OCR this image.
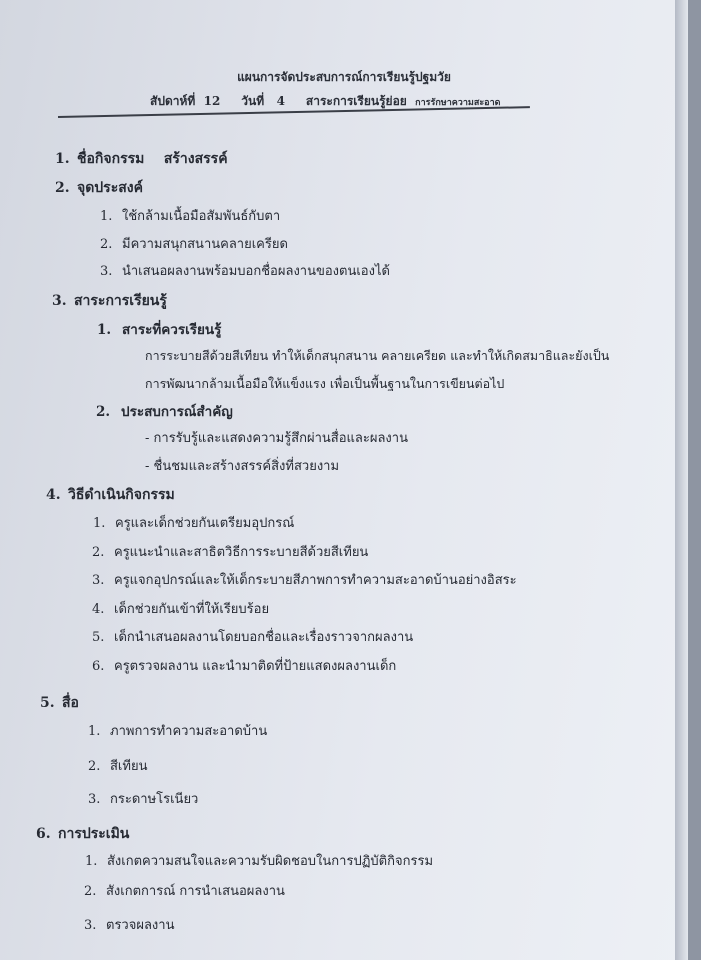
แผนการจัดประสบการณ์การเรียนรู้ปฐมวัย
สัปดาห์ที่ 12 วันที่ 4 สาระการเรียนรู้ย่อย การรักษาความสะอาด
1. ชื่อกิจกรรม สร้างสรรค์
2. จุดประสงค์
1. ใช้กล้ามเนื้อมือสัมพันธ์กับตา
2. มีความสนุกสนานคลายเครียด
3. นำเสนอผลงานพร้อมบอกชื่อผลงานของตนเองได้
3. สาระการเรียนรู้
1. สาระที่ควรเรียนรู้
การระบายสีด้วยสีเทียน ทำให้เด็กสนุกสนาน คลายเครียด และทำให้เกิดสมาธิและยังเป็น
การพัฒนากล้ามเนื้อมือให้แข็งแรง เพื่อเป็นพื้นฐานในการเขียนต่อไป
2. ประสบการณ์สำคัญ
- การรับรู้และแสดงความรู้สึกผ่านสื่อและผลงาน
- ชื่นชมและสร้างสรรค์สิ่งที่สวยงาม
4. วิธีดำเนินกิจกรรม
1. ครูและเด็กช่วยกันเตรียมอุปกรณ์
2. ครูแนะนำและสาธิตวิธีการระบายสีด้วยสีเทียน
3. ครูแจกอุปกรณ์และให้เด็กระบายสีภาพการทำความสะอาดบ้านอย่างอิสระ
4. เด็กช่วยกันเข้าที่ให้เรียบร้อย
5. เด็กนำเสนอผลงานโดยบอกชื่อและเรื่องราวจากผลงาน
6. ครูตรวจผลงาน และนำมาติดที่ป้ายแสดงผลงานเด็ก
5. สื่อ
1. ภาพการทำความสะอาดบ้าน
2. สีเทียน
3. กระดาษโรเนียว
6. การประเมิน
1. สังเกตความสนใจและความรับผิดชอบในการปฏิบัติกิจกรรม
2. สังเกตการณ์ การนำเสนอผลงาน
3. ตรวจผลงาน
